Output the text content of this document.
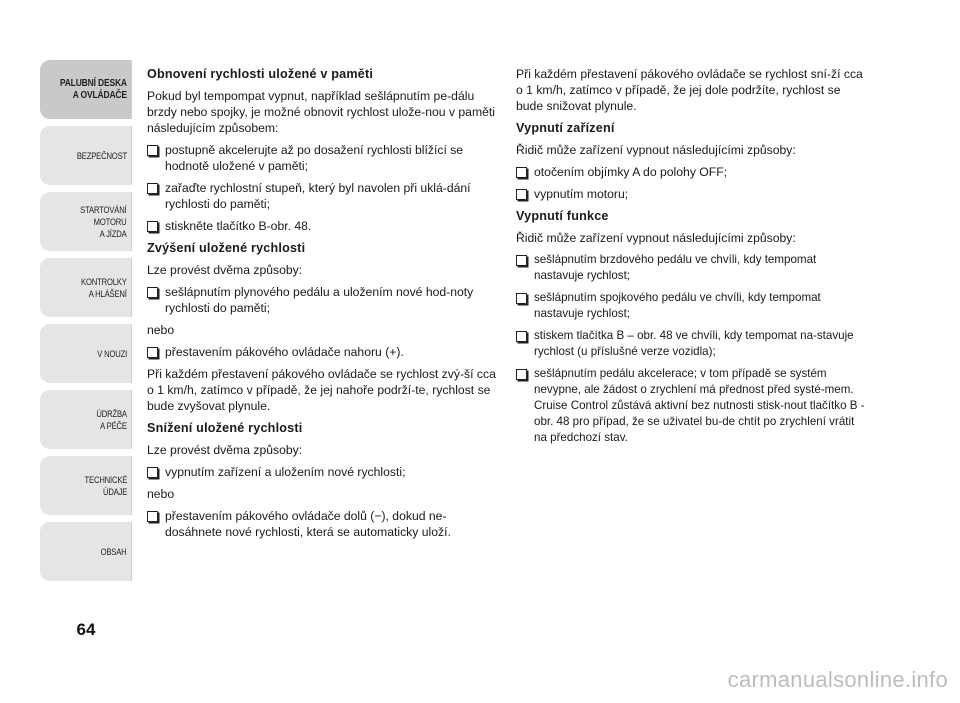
PALUBNÍ DESKA
A OVLÁDAČE
BEZPEČNOST
STARTOVÁNÍ
MOTORU
A JÍZDA
KONTROLKY
A HLÁŠENÍ
V NOUZI
ÚDRŽBA
A PÉČE
TECHNICKÉ
ÚDAJE
OBSAH
64
Obnovení rychlosti uložené v paměti

Pokud byl tempompat vypnut, například sešlápnutím pe-dálu brzdy nebo spojky, je možné obnovit rychlost ulože-nou v paměti následujícím způsobem:

postupně akcelerujte až po dosažení rychlosti blížící se hodnotě uložené v paměti;
zařaďte rychlostní stupeň, který byl navolen při uklá-dání rychlosti do paměti;
stiskněte tlačítko B-obr. 48.
Zvýšení uložené rychlosti

Lze provést dvěma způsoby:

sešlápnutím plynového pedálu a uložením nové hod-noty rychlosti do paměti;

nebo

přestavením pákového ovládače nahoru (+).

Při každém přestavení pákového ovládače se rychlost zvý-ší cca o 1 km/h, zatímco v případě, že jej nahoře podrží-te, rychlost se bude zvyšovat plynule.

Snížení uložené rychlosti

Lze provést dvěma způsoby:

vypnutím zařízení a uložením nové rychlosti;

nebo

přestavením pákového ovládače dolů (−), dokud ne-dosáhnete nové rychlosti, která se automaticky uloží.

Při každém přestavení pákového ovládače se rychlost sní-ží cca o 1 km/h, zatímco v případě, že jej dole podržíte, rychlost se bude snižovat plynule.

Vypnutí zařízení

Řidič může zařízení vypnout následujícími způsoby:

otočením objímky A do polohy OFF;
vypnutím motoru;
Vypnutí funkce

Řidič může zařízení vypnout následujícími způsoby:

sešlápnutím brzdového pedálu ve chvíli, kdy tempomat nastavuje rychlost;
sešlápnutím spojkového pedálu ve chvíli, kdy tempomat nastavuje rychlost;
stiskem tlačítka B – obr. 48 ve chvíli, kdy tempomat na-stavuje rychlost (u příslušné verze vozidla);
sešlápnutím pedálu akcelerace; v tom případě se systém nevypne, ale žádost o zrychlení má přednost před systé-mem. Cruise Control zůstává aktivní bez nutnosti stisk-nout tlačítko B - obr. 48 pro případ, že se uživatel bu-de chtít po zrychlení vrátit na předchozí stav.
carmanualsonline.info
